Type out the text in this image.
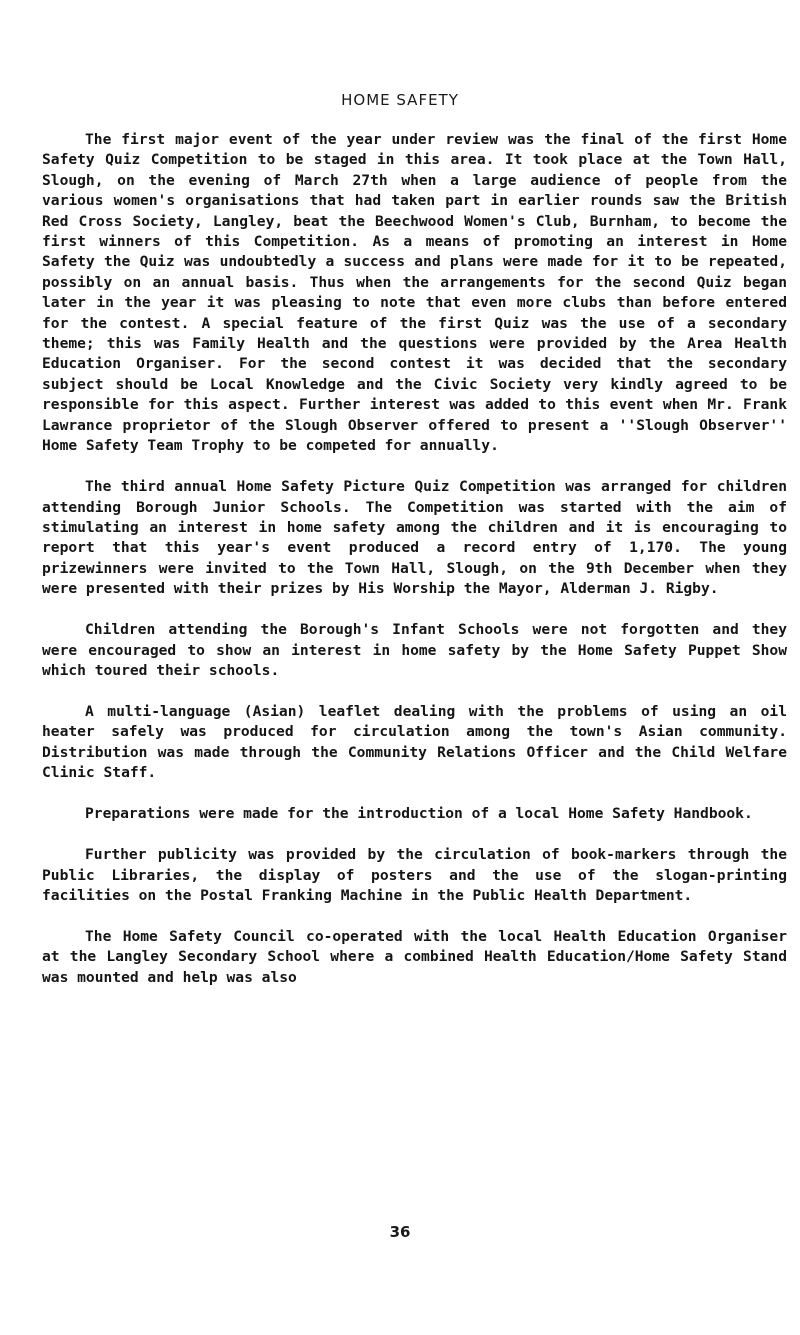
HOME SAFETY

The first major event of the year under review was the final of the first Home Safety Quiz Competition to be staged in this area. It took place at the Town Hall, Slough, on the evening of March 27th when a large audience of people from the various women's organisations that had taken part in earlier rounds saw the British Red Cross Society, Langley, beat the Beechwood Women's Club, Burnham, to become the first winners of this Competition. As a means of promoting an interest in Home Safety the Quiz was undoubtedly a success and plans were made for it to be repeated, possibly on an annual basis. Thus when the arrangements for the second Quiz began later in the year it was pleasing to note that even more clubs than before entered for the contest. A special feature of the first Quiz was the use of a secondary theme; this was Family Health and the questions were provided by the Area Health Education Organiser. For the second contest it was decided that the secondary subject should be Local Knowledge and the Civic Society very kindly agreed to be responsible for this aspect. Further interest was added to this event when Mr. Frank Lawrance proprietor of the Slough Observer offered to present a ''Slough Observer'' Home Safety Team Trophy to be competed for annually.

The third annual Home Safety Picture Quiz Competition was arranged for children attending Borough Junior Schools. The Competition was started with the aim of stimulating an interest in home safety among the children and it is encouraging to report that this year's event produced a record entry of 1,170. The young prizewinners were invited to the Town Hall, Slough, on the 9th December when they were presented with their prizes by His Worship the Mayor, Alderman J. Rigby.

Children attending the Borough's Infant Schools were not forgotten and they were encouraged to show an interest in home safety by the Home Safety Puppet Show which toured their schools.

A multi-language (Asian) leaflet dealing with the problems of using an oil heater safely was produced for circulation among the town's Asian community. Distribution was made through the Community Relations Officer and the Child Welfare Clinic Staff.

Preparations were made for the introduction of a local Home Safety Handbook.

Further publicity was provided by the circulation of book-markers through the Public Libraries, the display of posters and the use of the slogan-printing facilities on the Postal Franking Machine in the Public Health Department.

The Home Safety Council co-operated with the local Health Education Organiser at the Langley Secondary School where a combined Health Education/Home Safety Stand was mounted and help was also

36
